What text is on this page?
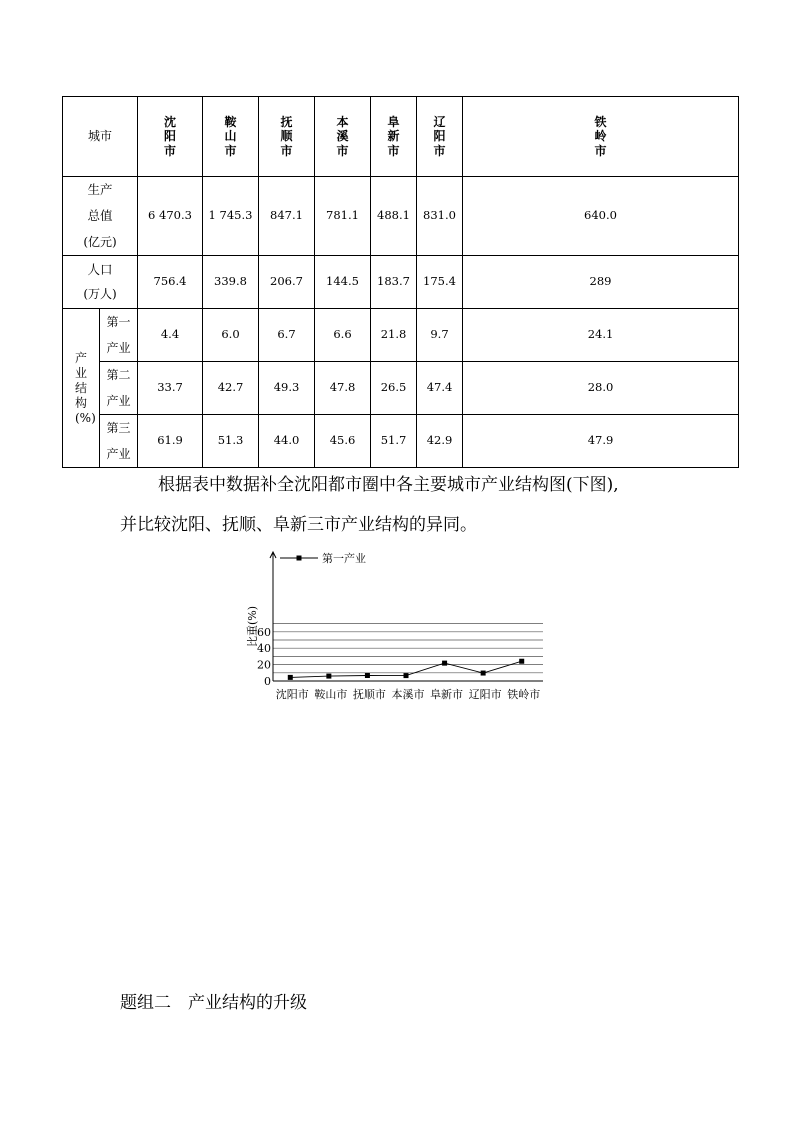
城市		沈阳市	鞍山市	抚顺市	本溪市	阜新市	辽阳市	铁岭市
生产总值
(亿元)		6 470.3	1 745.3	847.1	781.1	488.1	831.0	640.0
人口
(万人)		756.4	339.8	206.7	144.5	183.7	175.4	289
产业结构(%)	第一产业	4.4	6.0	6.7	6.6	21.8	9.7	24.1
	第二产业	33.7	42.7	49.3	47.8	26.5	47.4	28.0
	第三产业	61.9	51.3	44.0	45.6	51.7	42.9	47.9

根据表中数据补全沈阳都市圈中各主要城市产业结构图(下图),

并比较沈阳、抚顺、阜新三市产业结构的异同。

0
20
40
60
比重(%)
沈阳市 鞍山市 抚顺市 本溪市 阜新市 辽阳市 铁岭市
第一产业

题组二　产业结构的升级
